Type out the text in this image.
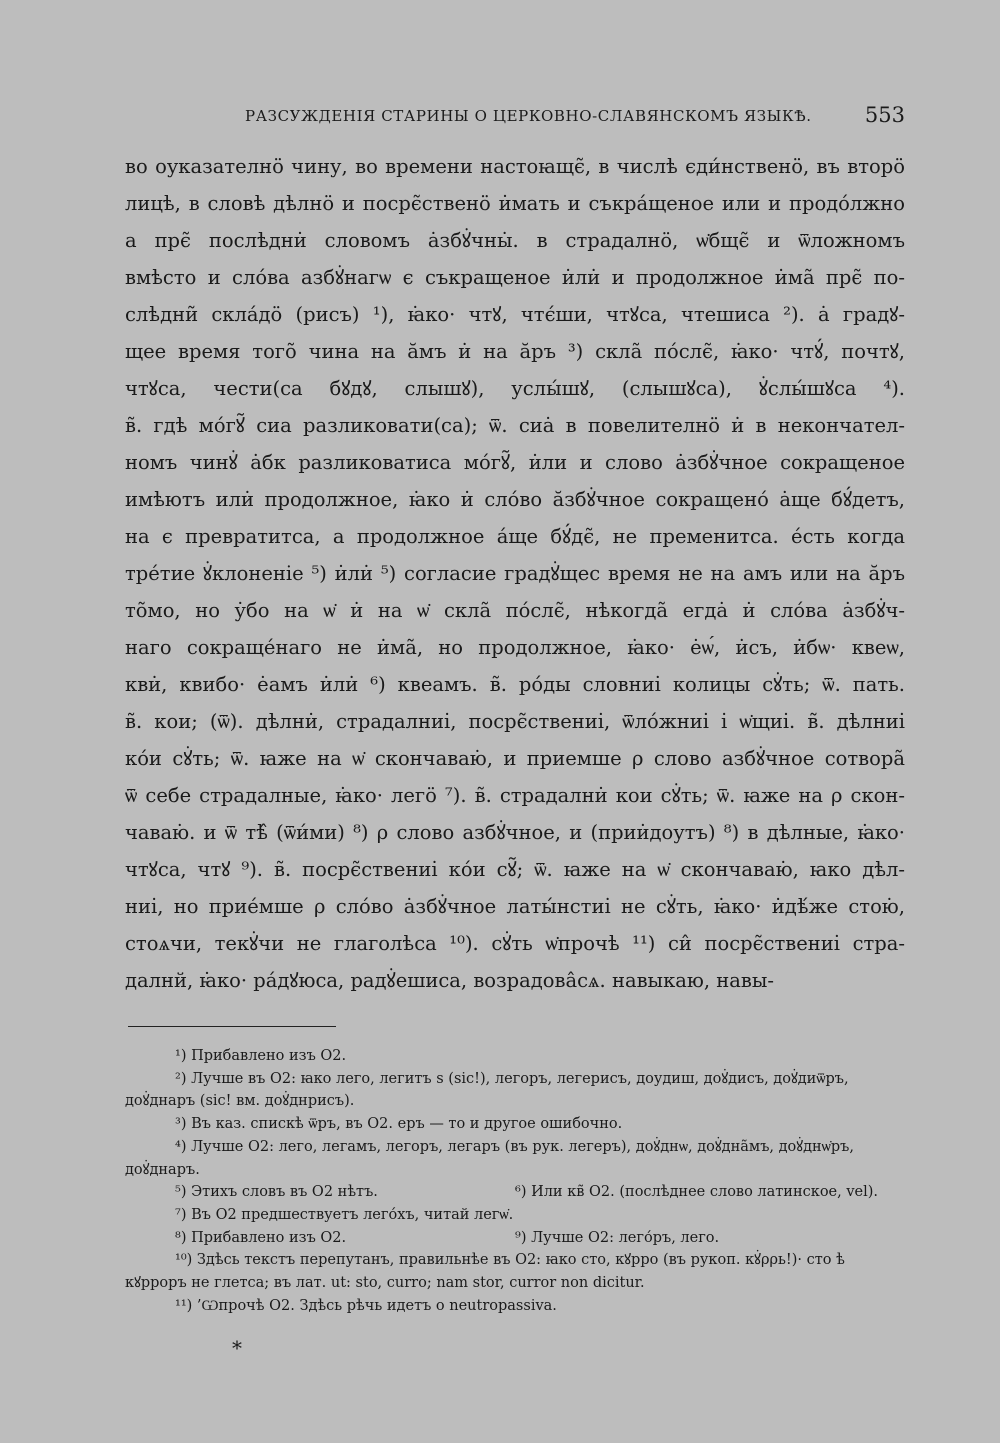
РАЗСУЖДЕНІЯ СТАРИНЫ О ЦЕРКОВНО-СЛАВЯНСКОМЪ ЯЗЫКѢ.	553
во оуказателнӧ чину, во времени настоꙗщє̃, в числѣ єди́нственӧ, въ вторӧ
лицѣ, в словѣ дѣлнӧ и посрє̃ственӧ и̇мать и съкра́щеное или и продо́лжно
а прє̃ послѣдни̇ словомъ а̇збꙋ̇чны̇. в страдалнӧ, ѡ̇бщє̃ и ѿложномъ
вмѣсто и сло́ва азбꙋ̇нагѡ є съкращеное и̇ли̇ и продолжное и̇ма̃ прє̃ по-
слѣдни̃ скла́дӧ (рисъ) ¹), ꙗ̇ко· чтꙋ, чтє́ши, чтꙋса, чтешиса ²). а̇ градꙋ-
щее время того̃ чина на ӑмъ и̇ на ӑръ ³) скла̃ по́слє̃, ꙗ̇ко· чтꙋ́, почтꙋ,
чтꙋса, чести(са бꙋдꙋ, слышꙋ), услы́шꙋ, (слышꙋса), ꙋ̇слы́шꙋса ⁴).
в̃. гдѣ мо́гꙋ̃ сиа разликовати(са); ѿ. сиа̇ в повелителнӧ и̇ в некончател-
номъ чинꙋ̇ а̇бк разликоватиса мо́гꙋ̃, и̇ли и слово а̇збꙋ̇чное сокращеное
имѣютъ или̇ продолжное, ꙗ̇ко и̇ сло́во ӑзбꙋ̇чное сокращено́ а̇ще бꙋ́детъ,
на є превратитса, а продолжное а́ще бꙋ́дє̃, не пременитса. е́сть когда
тре́тие ꙋ̇клоненіе ⁵) и̇ли̇ ⁵) согласие градꙋ̇щес время не на амъ или на ӑръ
то̃мо, но у̇бо на ѡ̇ и̇ на ѡ̇ скла̃ по́слє̃, нѣкогда̃ егда̇ и̇ сло́ва а̇збꙋ̇ч-
наго сокраще́наго не и̇ма̃, но продолжное, ꙗ̇ко· е̇ѡ́, и̇съ, и̇бѡ· квеѡ,
кви̇, квибо· е̇амъ и̇ли̇ ⁶) квеамъ. в̃. ро́ды словниі̇ колицы сꙋ̇ть; ѿ. пать.
в̃. кои; (ѿ). дѣлни̇, страдалниі̇, посрє̃ствениі̇, ѿло́жниі̇ і̇ ѡ̇щиі̇. в̃. дѣлниі̇
ко́и сꙋ̇ть; ѿ. ꙗже на ѡ̇ скончаваю̇, и приемше ρ слово азбꙋ̇чное сотвора̃
ѿ себе страдалные, ꙗ̇ко· легӧ ⁷). в̃. страдални̇ кои сꙋ̇ть; ѿ. ꙗже на ρ скон-
чаваю̇. и ѿ тѣ̂ (ѿи́ми) ⁸) ρ слово азбꙋ̇чное, и (прии̇доутъ) ⁸) в дѣлные, ꙗ̇ко·
чтꙋса, чтꙋ ⁹). в̃. посрє̃ствениі̇ ко́и сꙋ̃; ѿ. ꙗже на ѡ̇ скончаваю̇, ꙗко дѣл-
ниі̇, но прие́мше ρ сло́во а̇збꙋ̇чное латы́нстиі̇ не сꙋ̇ть, ꙗ̇ко· и̇дѣ́же стою̇,
стоѧчи, текꙋ̇чи не глаголѣса ¹⁰). сꙋ̇ть ѡ̇прочѣ ¹¹) си̂ посрє̃ствениі̇ стра-
далнй, ꙗ̇ко· ра́дꙋюса, радꙋ̇ешиса, возрадова̂сѧ. навыкаю, навы-
¹) Прибавлено изъ О2.
²) Лучше въ О2: ꙗко лего, легитъ s (sic!), легоръ, легерисъ, доудиш, доꙋ̇дисъ, доꙋ̇диѿръ,
доꙋ̇днаръ (sic! вм. доꙋ̇днрисъ).
³) Въ каз. спискѣ ѿръ, въ О2. еръ — то и другое ошибочно.
⁴) Лучше О2: лего, легамъ, легоръ, легаръ (въ рук. легеръ), доꙋ̇днѡ, доꙋ̇дна̃мъ, доꙋ̇днѡ̇ръ,
доꙋ̇днаръ.
⁵) Этихъ словъ въ О2 нѣтъ.	⁶) Или кв̃ О2. (послѣднее слово латинское, vel).
⁷) Въ О2 предшествуетъ лего́хъ, читай легѡ̇.
⁸) Прибавлено изъ О2.	⁹) Лучше О2: лего́ръ, лего.
¹⁰) Здѣсь текстъ перепутанъ, правильнѣе въ О2: ꙗко сто, кꙋрро (въ рукоп. кꙋ̇ρρь!)· сто ѣ
кꙋрроръ не глетса; въ лат. ut: sto, curro; nam stor, curror non dicitur.
¹¹) ’Ѡпрочѣ О2. Здѣсь рѣчь идетъ о neutropassiva.
*
